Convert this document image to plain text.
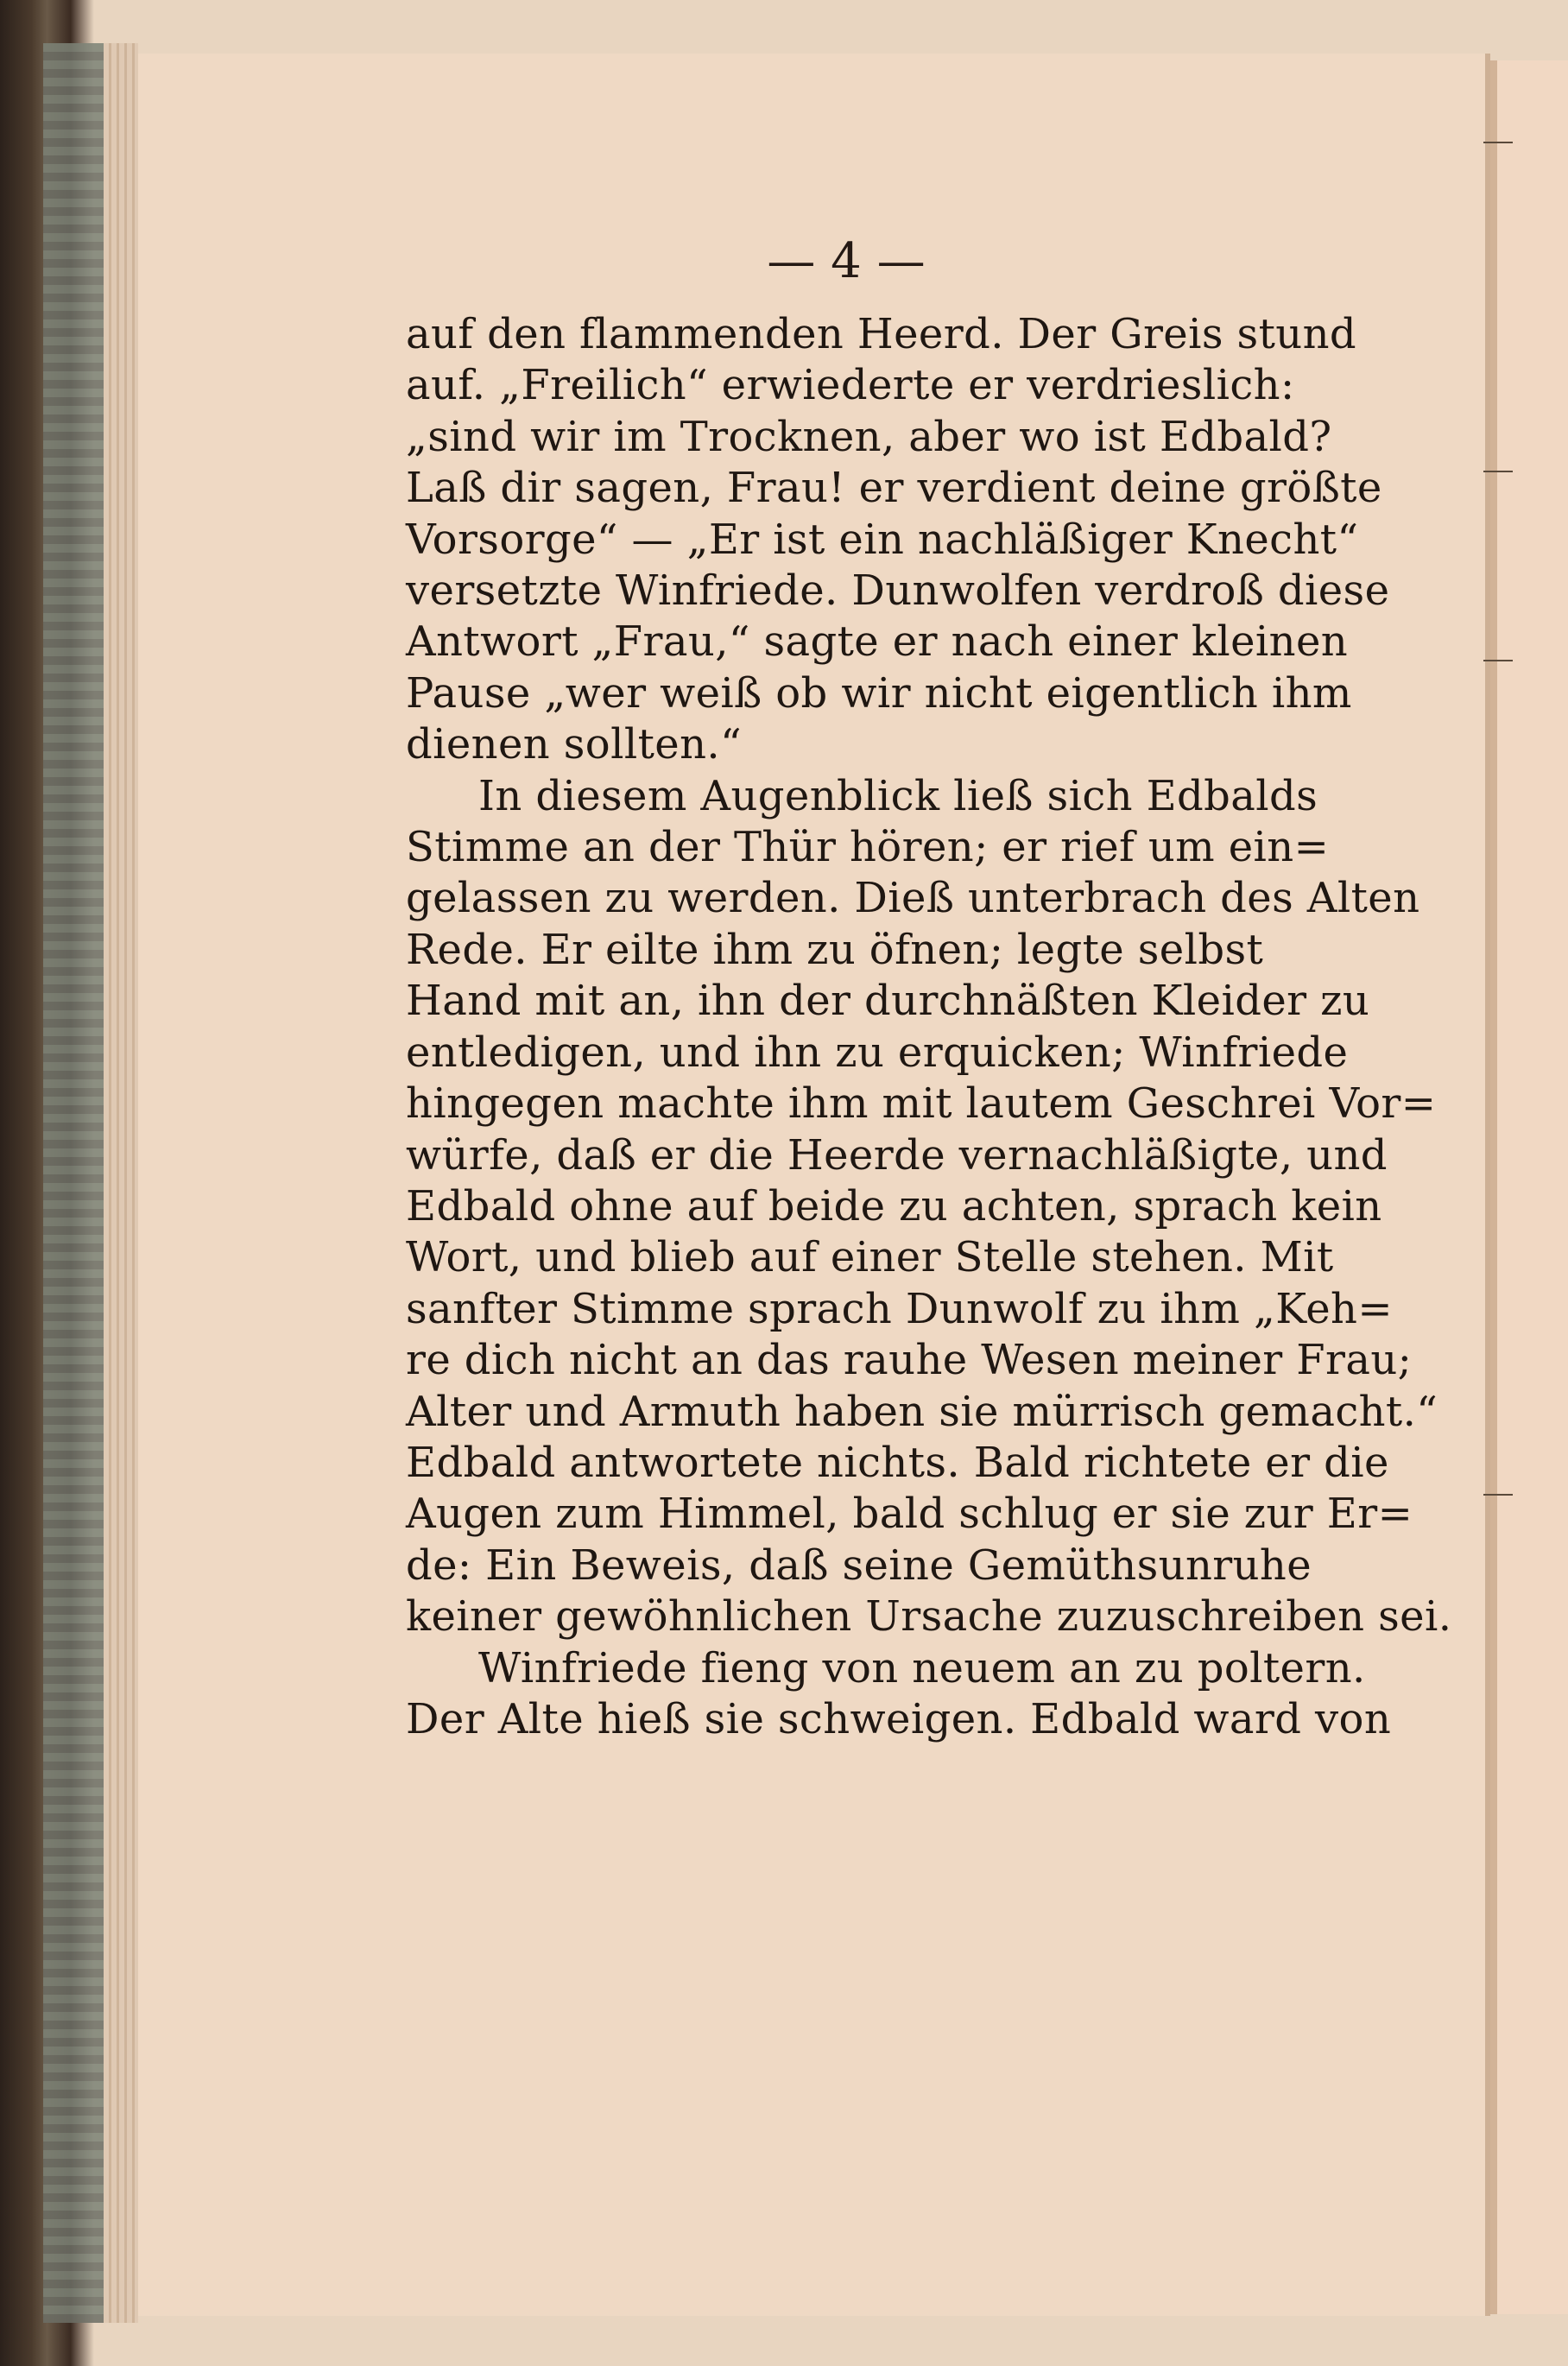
— 4 —
auf den flammenden Heerd. Der Greis stund
auf. „Freilich“ erwiederte er verdrieslich:
„sind wir im Trocknen, aber wo ist Edbald?
Laß dir sagen, Frau! er verdient deine größte
Vorsorge“ — „Er ist ein nachläßiger Knecht“
versetzte Winfriede. Dunwolfen verdroß diese
Antwort „Frau,“ sagte er nach einer kleinen
Pause „wer weiß ob wir nicht eigentlich ihm
dienen sollten.“
In diesem Augenblick ließ sich Edbalds
Stimme an der Thür hören; er rief um ein=
gelassen zu werden. Dieß unterbrach des Alten
Rede. Er eilte ihm zu öfnen; legte selbst
Hand mit an, ihn der durchnäßten Kleider zu
entledigen, und ihn zu erquicken; Winfriede
hingegen machte ihm mit lautem Geschrei Vor=
würfe, daß er die Heerde vernachläßigte, und
Edbald ohne auf beide zu achten, sprach kein
Wort, und blieb auf einer Stelle stehen. Mit
sanfter Stimme sprach Dunwolf zu ihm „Keh=
re dich nicht an das rauhe Wesen meiner Frau;
Alter und Armuth haben sie mürrisch gemacht.“
Edbald antwortete nichts. Bald richtete er die
Augen zum Himmel, bald schlug er sie zur Er=
de: Ein Beweis, daß seine Gemüthsunruhe
keiner gewöhnlichen Ursache zuzuschreiben sei.
Winfriede fieng von neuem an zu poltern.
Der Alte hieß sie schweigen. Edbald ward von
